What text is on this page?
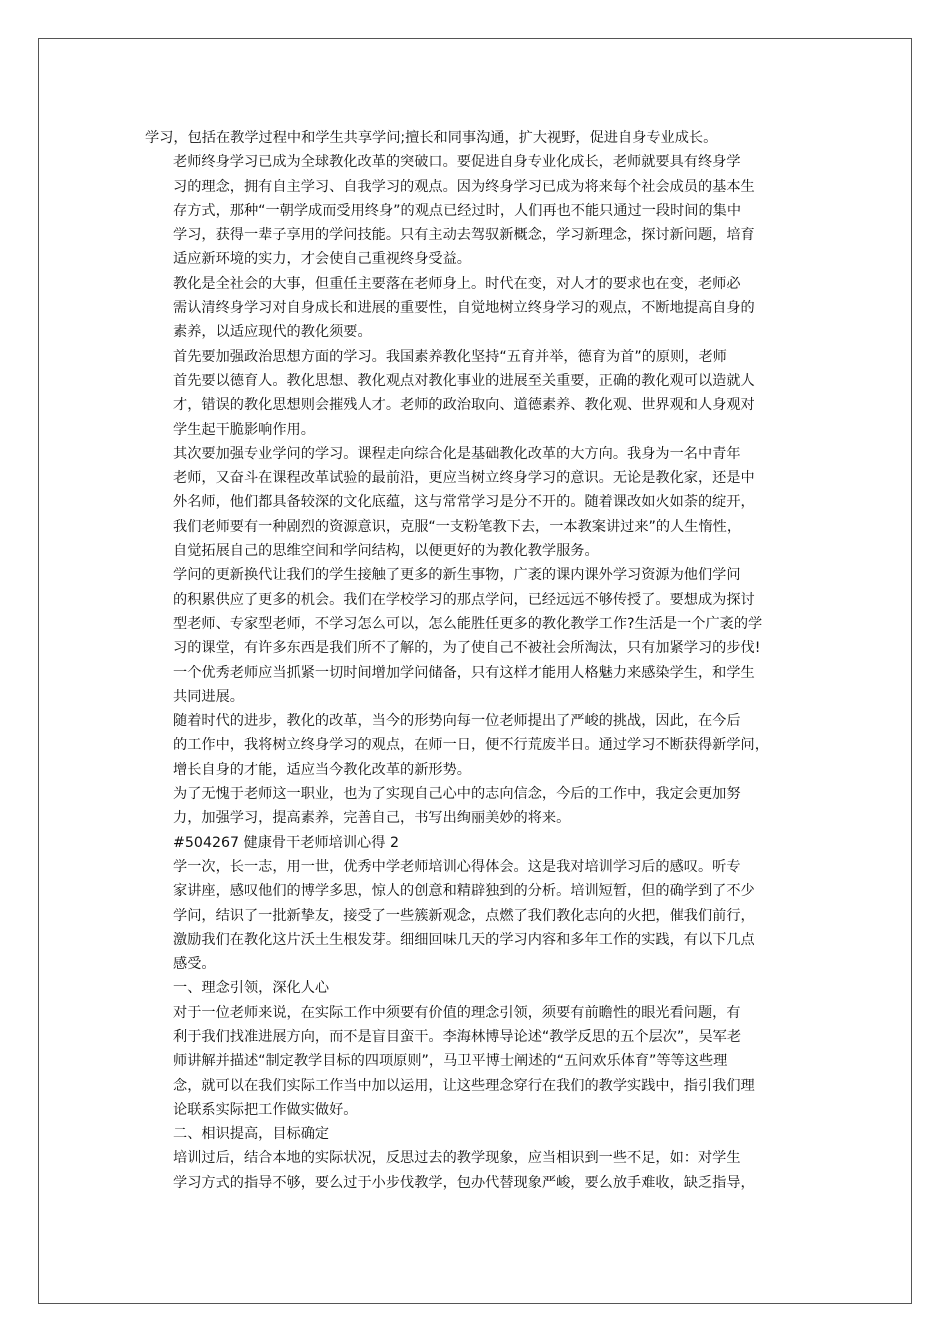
学习，包括在教学过程中和学生共享学问;擅长和同事沟通，扩大视野，促进自身专业成长。

老师终身学习已成为全球教化改革的突破口。要促进自身专业化成长，老师就要具有终身学
习的理念，拥有自主学习、自我学习的观点。因为终身学习已成为将来每个社会成员的基本生
存方式，那种“一朝学成而受用终身”的观点已经过时，人们再也不能只通过一段时间的集中
学习，获得一辈子享用的学问技能。只有主动去驾驭新概念，学习新理念，探讨新问题，培育
适应新环境的实力，才会使自己重视终身受益。

教化是全社会的大事，但重任主要落在老师身上。时代在变，对人才的要求也在变，老师必
需认清终身学习对自身成长和进展的重要性，自觉地树立终身学习的观点，不断地提高自身的
素养，以适应现代的教化须要。

首先要加强政治思想方面的学习。我国素养教化坚持“五育并举，德育为首”的原则，老师
首先要以德育人。教化思想、教化观点对教化事业的进展至关重要，正确的教化观可以造就人
才，错误的教化思想则会摧残人才。老师的政治取向、道德素养、教化观、世界观和人身观对
学生起干脆影响作用。

其次要加强专业学问的学习。课程走向综合化是基础教化改革的大方向。我身为一名中青年
老师，又奋斗在课程改革试验的最前沿，更应当树立终身学习的意识。无论是教化家，还是中
外名师，他们都具备较深的文化底蕴，这与常常学习是分不开的。随着课改如火如荼的绽开，
我们老师要有一种剧烈的资源意识，克服“一支粉笔教下去，一本教案讲过来”的人生惰性，
自觉拓展自己的思维空间和学问结构，以便更好的为教化教学服务。

学问的更新换代让我们的学生接触了更多的新生事物，广袤的课内课外学习资源为他们学问
的积累供应了更多的机会。我们在学校学习的那点学问，已经远远不够传授了。要想成为探讨
型老师、专家型老师，不学习怎么可以，怎么能胜任更多的教化教学工作?生活是一个广袤的学
习的课堂，有许多东西是我们所不了解的，为了使自己不被社会所淘汰，只有加紧学习的步伐!
一个优秀老师应当抓紧一切时间增加学问储备，只有这样才能用人格魅力来感染学生，和学生
共同进展。

随着时代的进步，教化的改革，当今的形势向每一位老师提出了严峻的挑战，因此，在今后
的工作中，我将树立终身学习的观点，在师一日，便不行荒废半日。通过学习不断获得新学问，
增长自身的才能，适应当今教化改革的新形势。

为了无愧于老师这一职业，也为了实现自己心中的志向信念，今后的工作中，我定会更加努
力，加强学习，提高素养，完善自己，书写出绚丽美妙的将来。

#504267 健康骨干老师培训心得 2

学一次，长一志，用一世，优秀中学老师培训心得体会。这是我对培训学习后的感叹。听专
家讲座，感叹他们的博学多思，惊人的创意和精辟独到的分析。培训短暂，但的确学到了不少
学问，结识了一批新挚友，接受了一些簇新观念，点燃了我们教化志向的火把，催我们前行，
激励我们在教化这片沃土生根发芽。细细回味几天的学习内容和多年工作的实践，有以下几点
感受。

一、理念引领，深化人心

对于一位老师来说，在实际工作中须要有价值的理念引领，须要有前瞻性的眼光看问题，有
利于我们找准进展方向，而不是盲目蛮干。李海林博导论述“教学反思的五个层次”，吴军老
师讲解并描述“制定教学目标的四项原则”，马卫平博士阐述的“五问欢乐体育”等等这些理
念，就可以在我们实际工作当中加以运用，让这些理念穿行在我们的教学实践中，指引我们理
论联系实际把工作做实做好。

二、相识提高，目标确定

培训过后，结合本地的实际状况，反思过去的教学现象，应当相识到一些不足，如：对学生
学习方式的指导不够，要么过于小步伐教学，包办代替现象严峻，要么放手难收，缺乏指导，
